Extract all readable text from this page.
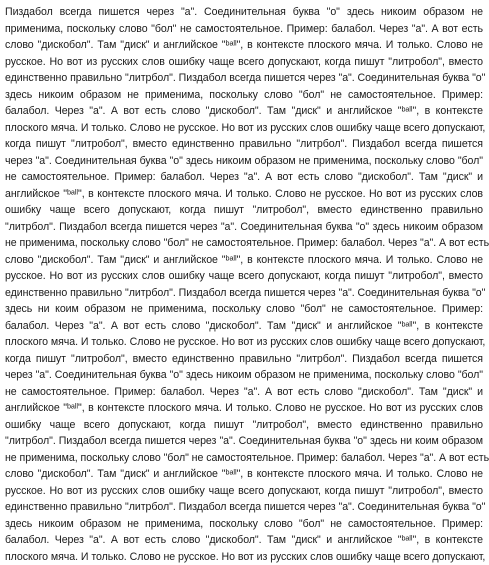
Пиздабол всегда пишется через "а". Соединительная буква "о" здесь никоим образом не
применима, поскольку слово "бол" не самостоятельное. Пример: балабол. Через "а". А вот есть
слово "дискобол". Там "диск" и английское "ᵇᵃˡˡ", в контексте плоского мяча. И только. Слово не
русское. Но вот из русских слов ошибку чаще всего допускают, когда пишут "литробол", вместо
единственно правильно "литрбол". Пиздабол всегда пишется через "а". Соединительная буква "о"
здесь никоим образом не применима, поскольку слово "бол" не самостоятельное. Пример:
балабол. Через "а". А вот есть слово "дискобол". Там "диск" и английское "ᵇᵃˡˡ", в контексте
плоского мяча. И только. Слово не русское. Но вот из русских слов ошибку чаще всего допускают,
когда пишут "литробол", вместо единственно правильно "литрбол". Пиздабол всегда пишется
через "а". Соединительная буква "о" здесь никоим образом не применима, поскольку слово "бол"
не самостоятельное. Пример: балабол. Через "а". А вот есть слово "дискобол". Там "диск" и
английское "ᵇᵃˡˡ", в контексте плоского мяча. И только. Слово не русское. Но вот из русских слов
ошибку чаще всего допускают, когда пишут "литробол", вместо единственно правильно
"литрбол". Пиздабол всегда пишется через "а". Соединительная буква "о" здесь никоим образом
не применима, поскольку слово "бол" не самостоятельное. Пример: балабол. Через "а". А вот есть
слово "дискобол". Там "диск" и английское "ᵇᵃˡˡ", в контексте плоского мяча. И только. Слово не
русское. Но вот из русских слов ошибку чаще всего допускают, когда пишут "литробол", вместо
единственно правильно "литрбол". Пиздабол всегда пишется через "а". Соединительная буква "о"
здесь ни коим образом не применима, поскольку слово "бол" не самостоятельное. Пример:
балабол. Через "а". А вот есть слово "дискобол". Там "диск" и английское "ᵇᵃˡˡ", в контексте
плоского мяча. И только. Слово не русское. Но вот из русских слов ошибку чаще всего допускают,
когда пишут "литробол", вместо единственно правильно "литрбол". Пиздабол всегда пишется
через "а". Соединительная буква "о" здесь никоим образом не применима, поскольку слово "бол"
не самостоятельное. Пример: балабол. Через "а". А вот есть слово "дискобол". Там "диск" и
английское "ᵇᵃˡˡ", в контексте плоского мяча. И только. Слово не русское. Но вот из русских слов
ошибку чаще всего допускают, когда пишут "литробол", вместо единственно правильно
"литрбол". Пиздабол всегда пишется через "а". Соединительная буква "о" здесь ни коим образом
не применима, поскольку слово "бол" не самостоятельное. Пример: балабол. Через "а". А вот есть
слово "дискобол". Там "диск" и английское "ᵇᵃˡˡ", в контексте плоского мяча. И только. Слово не
русское. Но вот из русских слов ошибку чаще всего допускают, когда пишут "литробол", вместо
единственно правильно "литрбол". Пиздабол всегда пишется через "а". Соединительная буква "о"
здесь никоим образом не применима, поскольку слово "бол" не самостоятельное. Пример:
балабол. Через "а". А вот есть слово "дискобол". Там "диск" и английское "ᵇᵃˡˡ", в контексте
плоского мяча. И только. Слово не русское. Но вот из русских слов ошибку чаще всего допускают,
